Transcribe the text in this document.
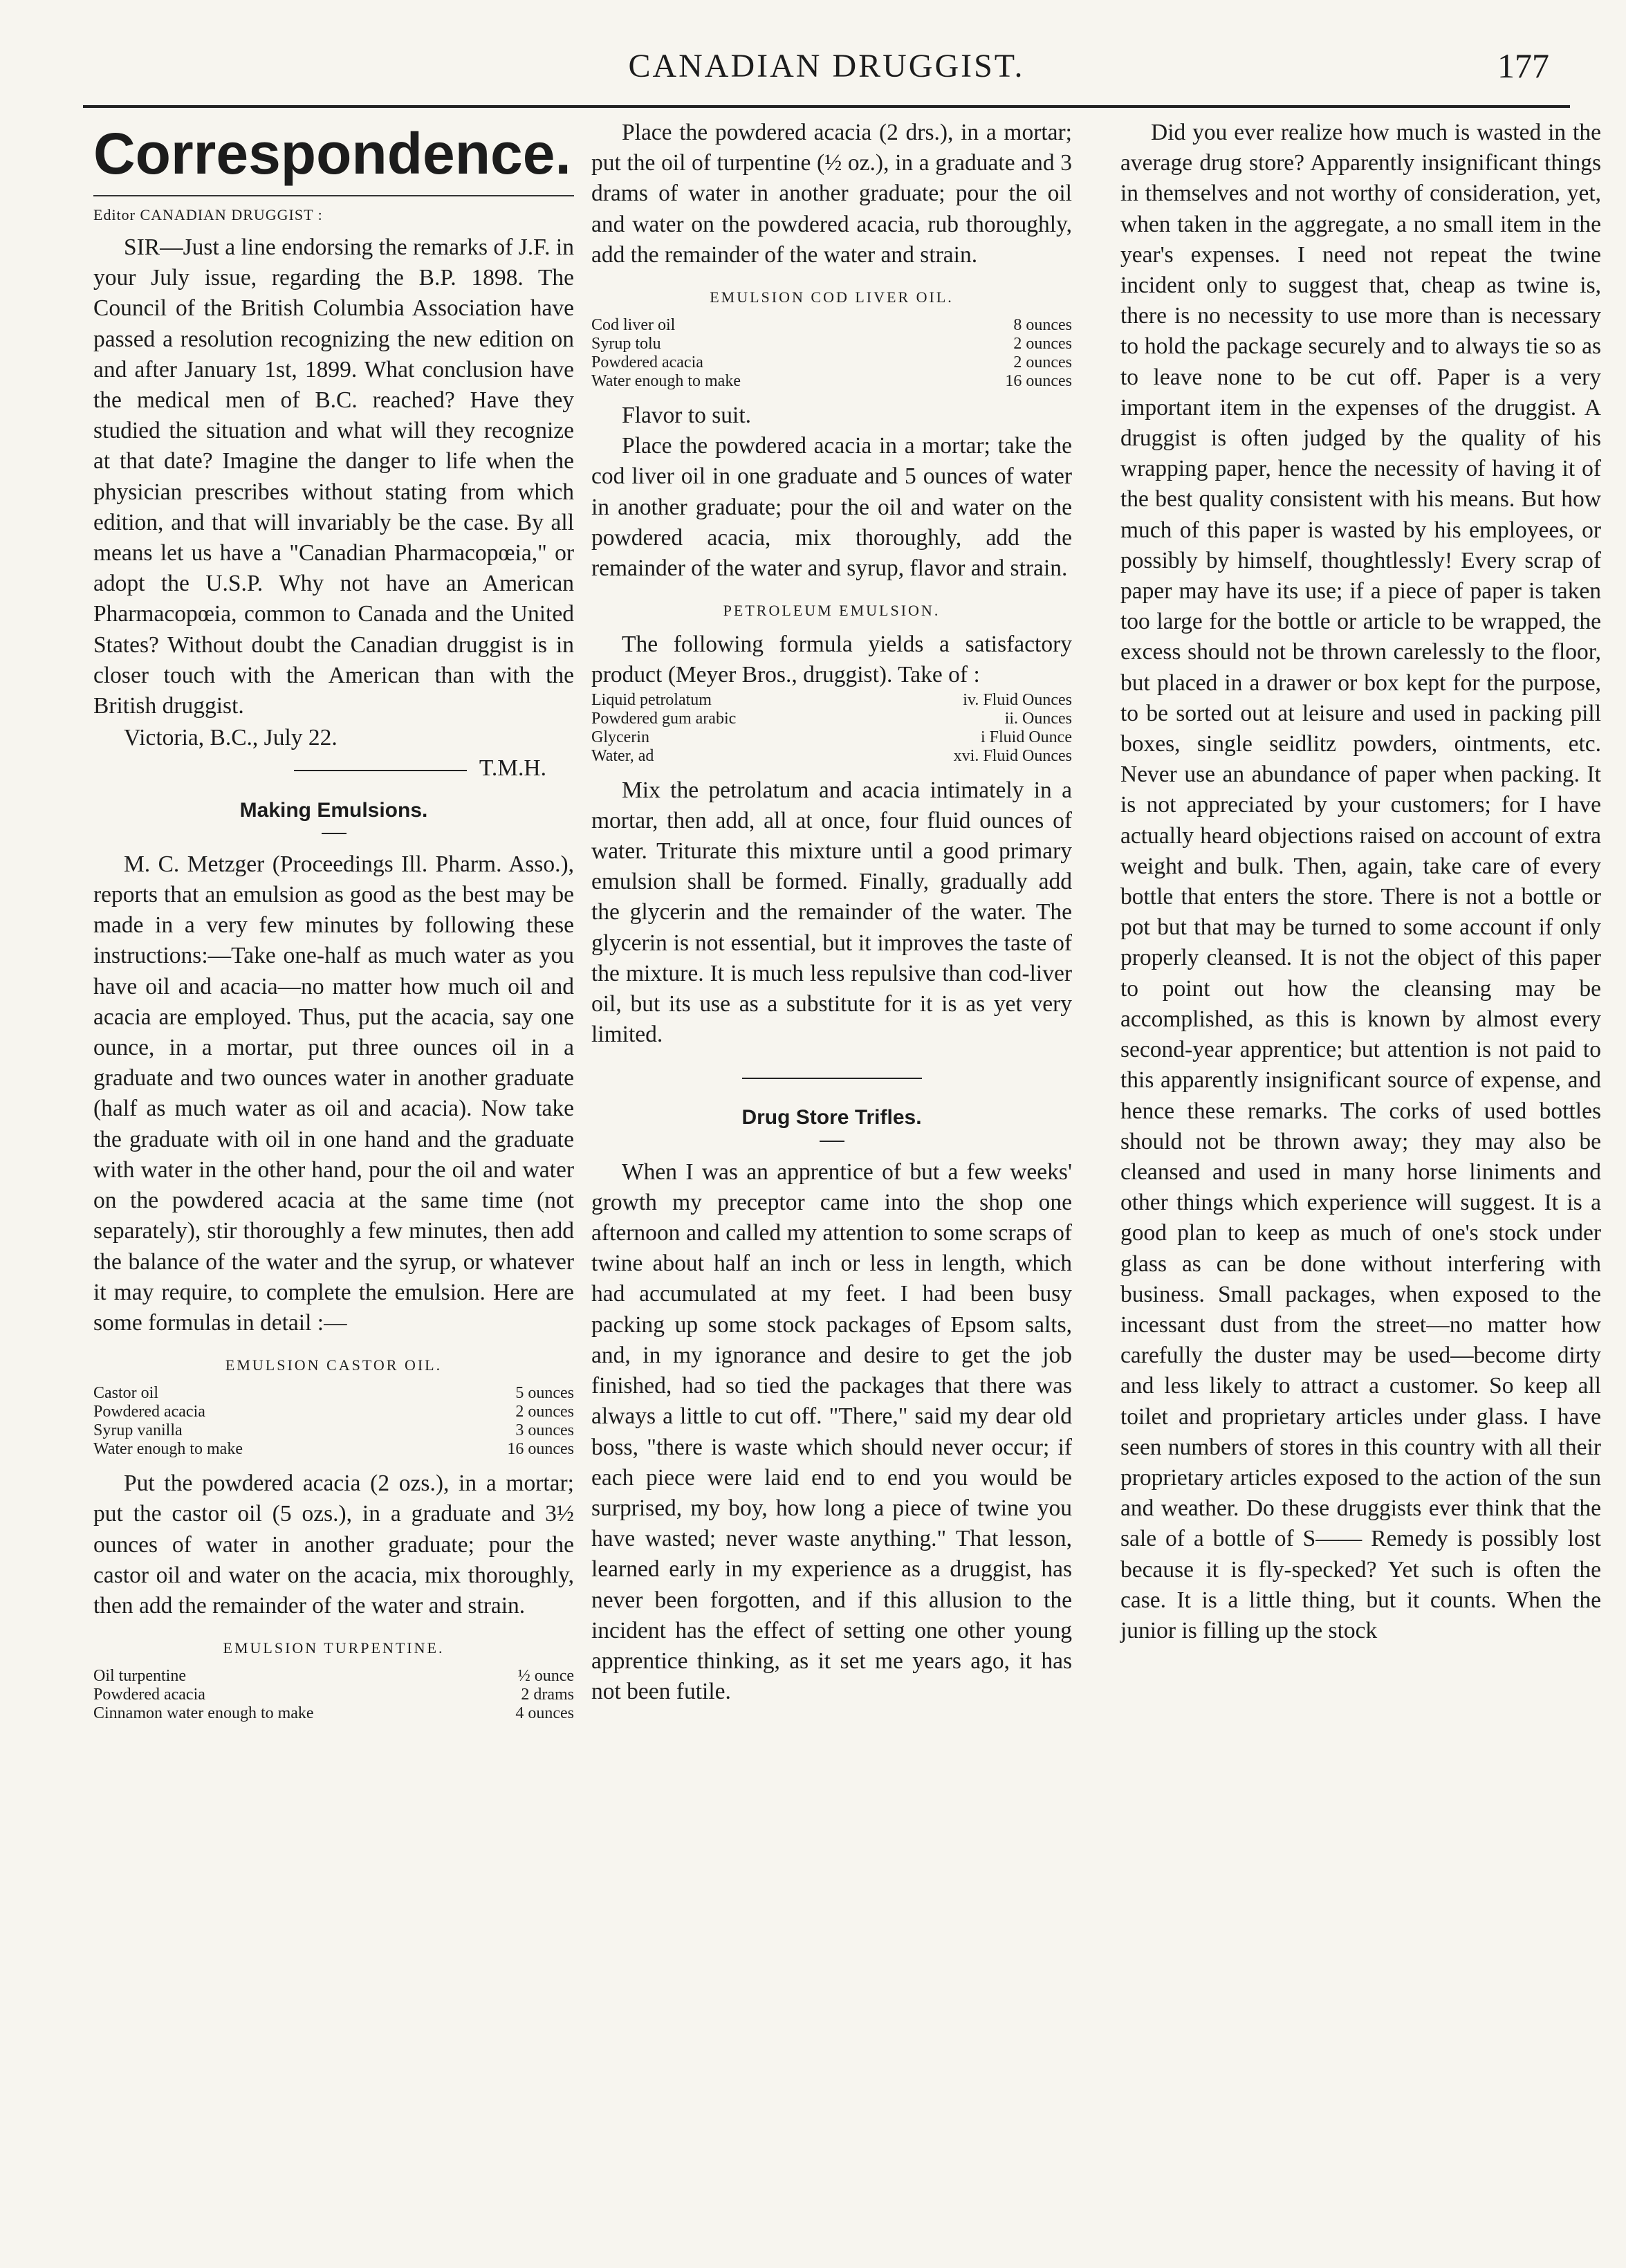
CANADIAN DRUGGIST.	177
Correspondence.

Editor CANADIAN DRUGGIST :

SIR—Just a line endorsing the remarks of J.F. in your July issue, regarding the B.P. 1898. The Council of the British Columbia Association have passed a resolution recognizing the new edition on and after January 1st, 1899. What conclusion have the medical men of B.C. reached? Have they studied the situation and what will they recognize at that date? Imagine the danger to life when the physician prescribes without stating from which edition, and that will invariably be the case. By all means let us have a "Canadian Pharmacopœia," or adopt the U.S.P. Why not have an American Pharmacopœia, common to Canada and the United States? Without doubt the Canadian druggist is in closer touch with the American than with the British druggist.

Victoria, B.C., July 22.

T.M.H.

Making Emulsions.

M. C. Metzger (Proceedings Ill. Pharm. Asso.), reports that an emulsion as good as the best may be made in a very few minutes by following these instructions:—Take one-half as much water as you have oil and acacia—no matter how much oil and acacia are employed. Thus, put the acacia, say one ounce, in a mortar, put three ounces oil in a graduate and two ounces water in another graduate (half as much water as oil and acacia). Now take the graduate with oil in one hand and the graduate with water in the other hand, pour the oil and water on the powdered acacia at the same time (not separately), stir thoroughly a few minutes, then add the balance of the water and the syrup, or whatever it may require, to complete the emulsion. Here are some formulas in detail :—

EMULSION CASTOR OIL.

Castor oil	5 ounces
Powdered acacia	2 ounces
Syrup vanilla	3 ounces
Water enough to make	16 ounces

Put the powdered acacia (2 ozs.), in a mortar; put the castor oil (5 ozs.), in a graduate and 3½ ounces of water in another graduate; pour the castor oil and water on the acacia, mix thoroughly, then add the remainder of the water and strain.

EMULSION TURPENTINE.

Oil turpentine	½ ounce
Powdered acacia	2 drams
Cinnamon water enough to make	4 ounces

Place the powdered acacia (2 drs.), in a mortar; put the oil of turpentine (½ oz.), in a graduate and 3 drams of water in another graduate; pour the oil and water on the powdered acacia, rub thoroughly, add the remainder of the water and strain.

EMULSION COD LIVER OIL.

Cod liver oil	8 ounces
Syrup tolu	2 ounces
Powdered acacia	2 ounces
Water enough to make	16 ounces

Flavor to suit.

Place the powdered acacia in a mortar; take the cod liver oil in one graduate and 5 ounces of water in another graduate; pour the oil and water on the powdered acacia, mix thoroughly, add the remainder of the water and syrup, flavor and strain.

PETROLEUM EMULSION.

The following formula yields a satisfactory product (Meyer Bros., druggist). Take of :

Liquid petrolatum	iv. Fluid Ounces
Powdered gum arabic	ii. Ounces
Glycerin	i Fluid Ounce
Water, ad	xvi. Fluid Ounces

Mix the petrolatum and acacia intimately in a mortar, then add, all at once, four fluid ounces of water. Triturate this mixture until a good primary emulsion shall be formed. Finally, gradually add the glycerin and the remainder of the water. The glycerin is not essential, but it improves the taste of the mixture. It is much less repulsive than cod-liver oil, but its use as a substitute for it is as yet very limited.

Drug Store Trifles.

When I was an apprentice of but a few weeks' growth my preceptor came into the shop one afternoon and called my attention to some scraps of twine about half an inch or less in length, which had accumulated at my feet. I had been busy packing up some stock packages of Epsom salts, and, in my ignorance and desire to get the job finished, had so tied the packages that there was always a little to cut off. "There," said my dear old boss, "there is waste which should never occur; if each piece were laid end to end you would be surprised, my boy, how long a piece of twine you have wasted; never waste anything." That lesson, learned early in my experience as a druggist, has never been forgotten, and if this allusion to the incident has the effect of setting one other young apprentice thinking, as it set me years ago, it has not been futile.

Did you ever realize how much is wasted in the average drug store? Apparently insignificant things in themselves and not worthy of consideration, yet, when taken in the aggregate, a no small item in the year's expenses. I need not repeat the twine incident only to suggest that, cheap as twine is, there is no necessity to use more than is necessary to hold the package securely and to always tie so as to leave none to be cut off. Paper is a very important item in the expenses of the druggist. A druggist is often judged by the quality of his wrapping paper, hence the necessity of having it of the best quality consistent with his means. But how much of this paper is wasted by his employees, or possibly by himself, thoughtlessly! Every scrap of paper may have its use; if a piece of paper is taken too large for the bottle or article to be wrapped, the excess should not be thrown carelessly to the floor, but placed in a drawer or box kept for the purpose, to be sorted out at leisure and used in packing pill boxes, single seidlitz powders, ointments, etc. Never use an abundance of paper when packing. It is not appreciated by your customers; for I have actually heard objections raised on account of extra weight and bulk. Then, again, take care of every bottle that enters the store. There is not a bottle or pot but that may be turned to some account if only properly cleansed. It is not the object of this paper to point out how the cleansing may be accomplished, as this is known by almost every second-year apprentice; but attention is not paid to this apparently insignificant source of expense, and hence these remarks. The corks of used bottles should not be thrown away; they may also be cleansed and used in many horse liniments and other things which experience will suggest. It is a good plan to keep as much of one's stock under glass as can be done without interfering with business. Small packages, when exposed to the incessant dust from the street—no matter how carefully the duster may be used—become dirty and less likely to attract a customer. So keep all toilet and proprietary articles under glass. I have seen numbers of stores in this country with all their proprietary articles exposed to the action of the sun and weather. Do these druggists ever think that the sale of a bottle of S—— Remedy is possibly lost because it is fly-specked? Yet such is often the case. It is a little thing, but it counts. When the junior is filling up the stock
